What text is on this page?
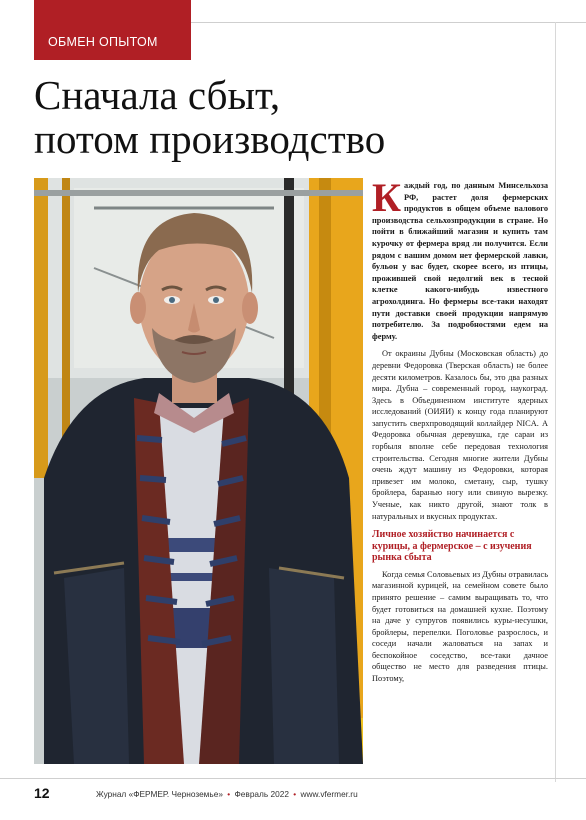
ОБМЕН ОПЫТОМ
Сначала сбыт,
потом производство

Каждый год, по данным Минсельхоза РФ, растет доля фермерских продуктов в общем объеме валового производства сельхозпродукции в стране. Но пойти в ближайший магазин и купить там курочку от фермера вряд ли получится. Если рядом с вашим домом нет фермерской лавки, бульон у вас будет, скорее всего, из птицы, прожившей свой недолгий век в тесной клетке какого-нибудь известного агрохолдинга. Но фермеры все-таки находят пути доставки своей продукции напрямую потребителю. За подробностями едем на ферму.

От окраины Дубны (Московская область) до деревни Федоровка (Тверская область) не более десяти километров. Казалось бы, это два разных мира. Дубна – современный город, наукоград. Здесь в Объединенном институте ядерных исследований (ОИЯИ) к концу года планируют запустить сверхпроводящий коллайдер NICA. А Федоровка обычная деревушка, где сараи из горбыля вполне себе передовая технология строительства. Сегодня многие жители Дубны очень ждут машину из Федоровки, которая привезет им молоко, сметану, сыр, тушку бройлера, баранью ногу или свиную вырезку. Ученые, как никто другой, знают толк в натуральных и вкусных продуктах.

Личное хозяйство начинается с курицы, а фермерское – с изучения рынка сбыта

Когда семья Соловьевых из Дубны отравилась магазинной курицей, на семейном совете было принято решение – самим выращивать то, что будет готовиться на домашней кухне. Поэтому на даче у супругов появились куры-несушки, бройлеры, перепелки. Поголовье разрослось, и соседи начали жаловаться на запах и беспокойное соседство, все-таки дачное общество не место для разведения птицы. Поэтому,

12	Журнал «ФЕРМЕР. Черноземье» • Февраль 2022 • www.vfermer.ru
